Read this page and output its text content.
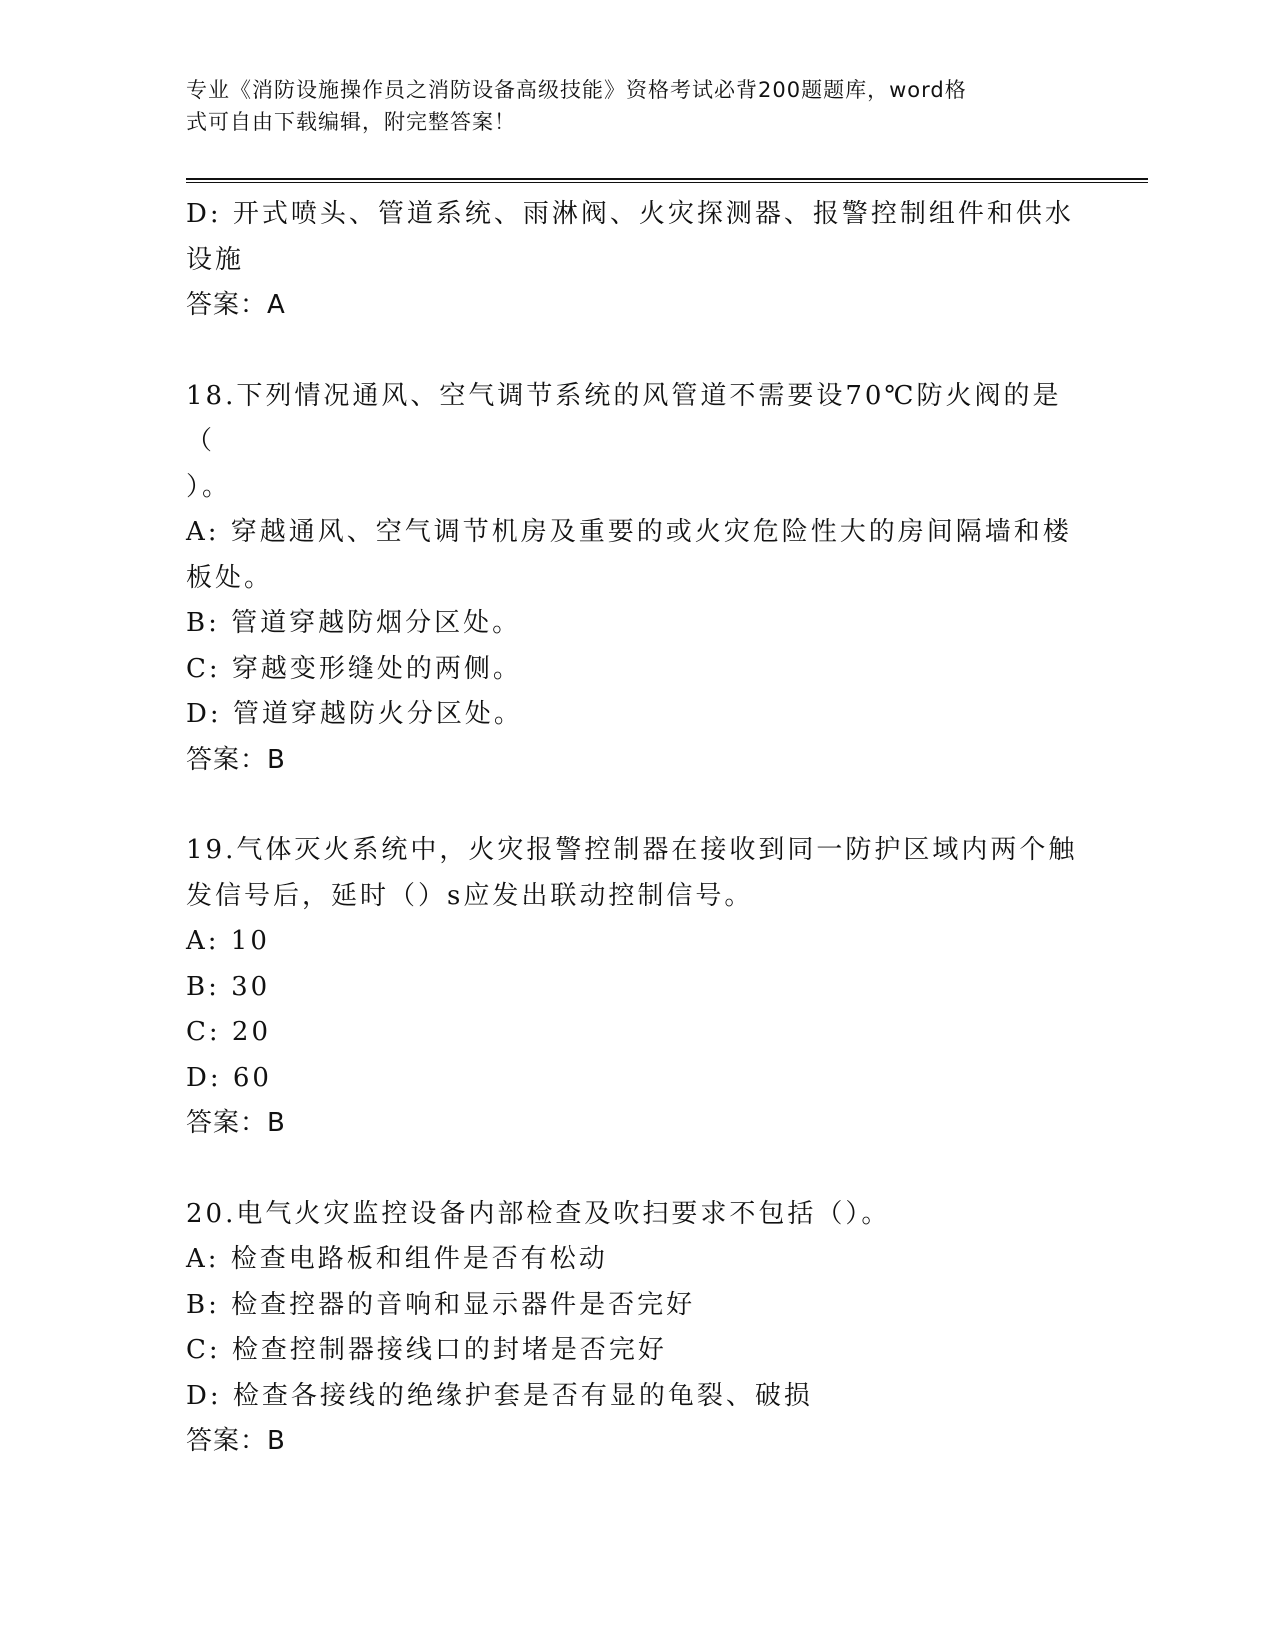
专业《消防设施操作员之消防设备高级技能》资格考试必背200题题库，word格

式可自由下载编辑，附完整答案！

D: 开式喷头、管道系统、雨淋阀、火灾探测器、报警控制组件和供水

设施

答案：A

18.下列情况通风、空气调节系统的风管道不需要设70℃防火阀的是（

）。

A: 穿越通风、空气调节机房及重要的或火灾危险性大的房间隔墙和楼

板处。

B: 管道穿越防烟分区处。

C: 穿越变形缝处的两侧。

D: 管道穿越防火分区处。

答案：B

19.气体灭火系统中，火灾报警控制器在接收到同一防护区域内两个触

发信号后，延时（）s应发出联动控制信号。

A: 10

B: 30

C: 20

D: 60

答案：B

20.电气火灾监控设备内部检查及吹扫要求不包括（）。

A: 检查电路板和组件是否有松动

B: 检查控器的音响和显示器件是否完好

C: 检查控制器接线口的封堵是否完好

D: 检查各接线的绝缘护套是否有显的龟裂、破损

答案：B
